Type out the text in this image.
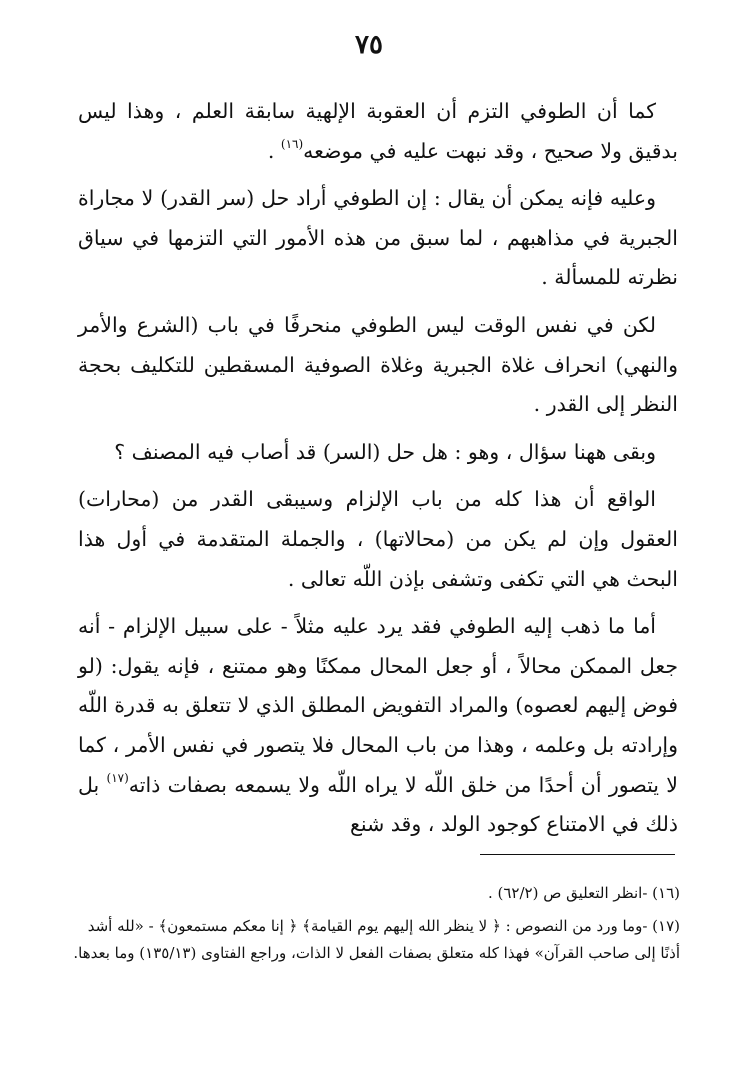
٧٥

كما أن الطوفي التزم أن العقوبة الإلهية سابقة العلم ، وهذا ليس بدقيق ولا صحيح ، وقد نبهت عليه في موضعه$^{(١٦)}$ .

وعليه فإنه يمكن أن يقال : إن الطوفي أراد حل (سر القدر) لا مجاراة الجبرية في مذاهبهم ، لما سبق من هذه الأمور التي التزمها في سياق نظرته للمسألة .

لكن في نفس الوقت ليس الطوفي منحرفًا في باب (الشرع والأمر والنهي) انحراف غلاة الجبرية وغلاة الصوفية المسقطين للتكليف بحجة النظر إلى القدر .

وبقى ههنا سؤال ، وهو : هل حل (السر) قد أصاب فيه المصنف ؟

الواقع أن هذا كله من باب الإلزام وسيبقى القدر من (محارات) العقول وإن لم يكن من (محالاتها) ، والجملة المتقدمة في أول هذا البحث هي التي تكفى وتشفى بإذن اللّه تعالى .

أما ما ذهب إليه الطوفي فقد يرد عليه مثلاً - على سبيل الإلزام - أنه جعل الممكن محالاً ، أو جعل المحال ممكنًا وهو ممتنع ، فإنه يقول: (لو فوض إليهم لعصوه) والمراد التفويض المطلق الذي لا تتعلق به قدرة اللّه وإرادته بل وعلمه ، وهذا من باب المحال فلا يتصور في نفس الأمر ، كما لا يتصور أن أحدًا من خلق اللّه لا يراه اللّه ولا يسمعه بصفات ذاته$^{(١٧)}$ بل ذلك في الامتناع كوجود الولد ، وقد شنع

(١٦) -انظر التعليق ص (٦٢/٢) .

(١٧) -وما ورد من النصوص : ﴿ لا ينظر الله إليهم يوم القيامة﴾ ﴿ إنا معكم مستمعون﴾ - «لله أشد أذنًا إلى صاحب القرآن» فهذا كله متعلق بصفات الفعل لا الذات، وراجع الفتاوى (١٣٥/١٣) وما بعدها.
